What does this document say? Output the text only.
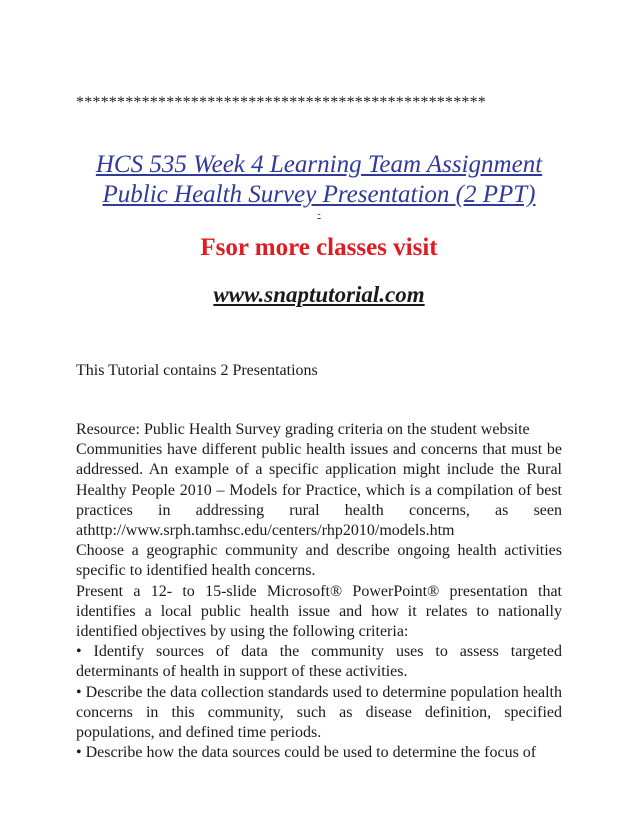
**************************************************
HCS 535 Week 4 Learning Team Assignment
Public Health Survey Presentation (2 PPT)
-
Fsor more classes visit
www.snaptutorial.com
This Tutorial contains 2 Presentations

Resource: Public Health Survey grading criteria on the student website

Communities have different public health issues and concerns that must be addressed. An example of a specific application might include the Rural Healthy People 2010 – Models for Practice, which is a compilation of best practices in addressing rural health concerns, as seen athttp://www.srph.tamhsc.edu/centers/rhp2010/models.htm

Choose a geographic community and describe ongoing health activities specific to identified health concerns.

Present a 12- to 15-slide Microsoft® PowerPoint® presentation that identifies a local public health issue and how it relates to nationally identified objectives by using the following criteria:

• Identify sources of data the community uses to assess targeted determinants of health in support of these activities.

• Describe the data collection standards used to determine population health concerns in this community, such as disease definition, specified populations, and defined time periods.

• Describe how the data sources could be used to determine the focus of
